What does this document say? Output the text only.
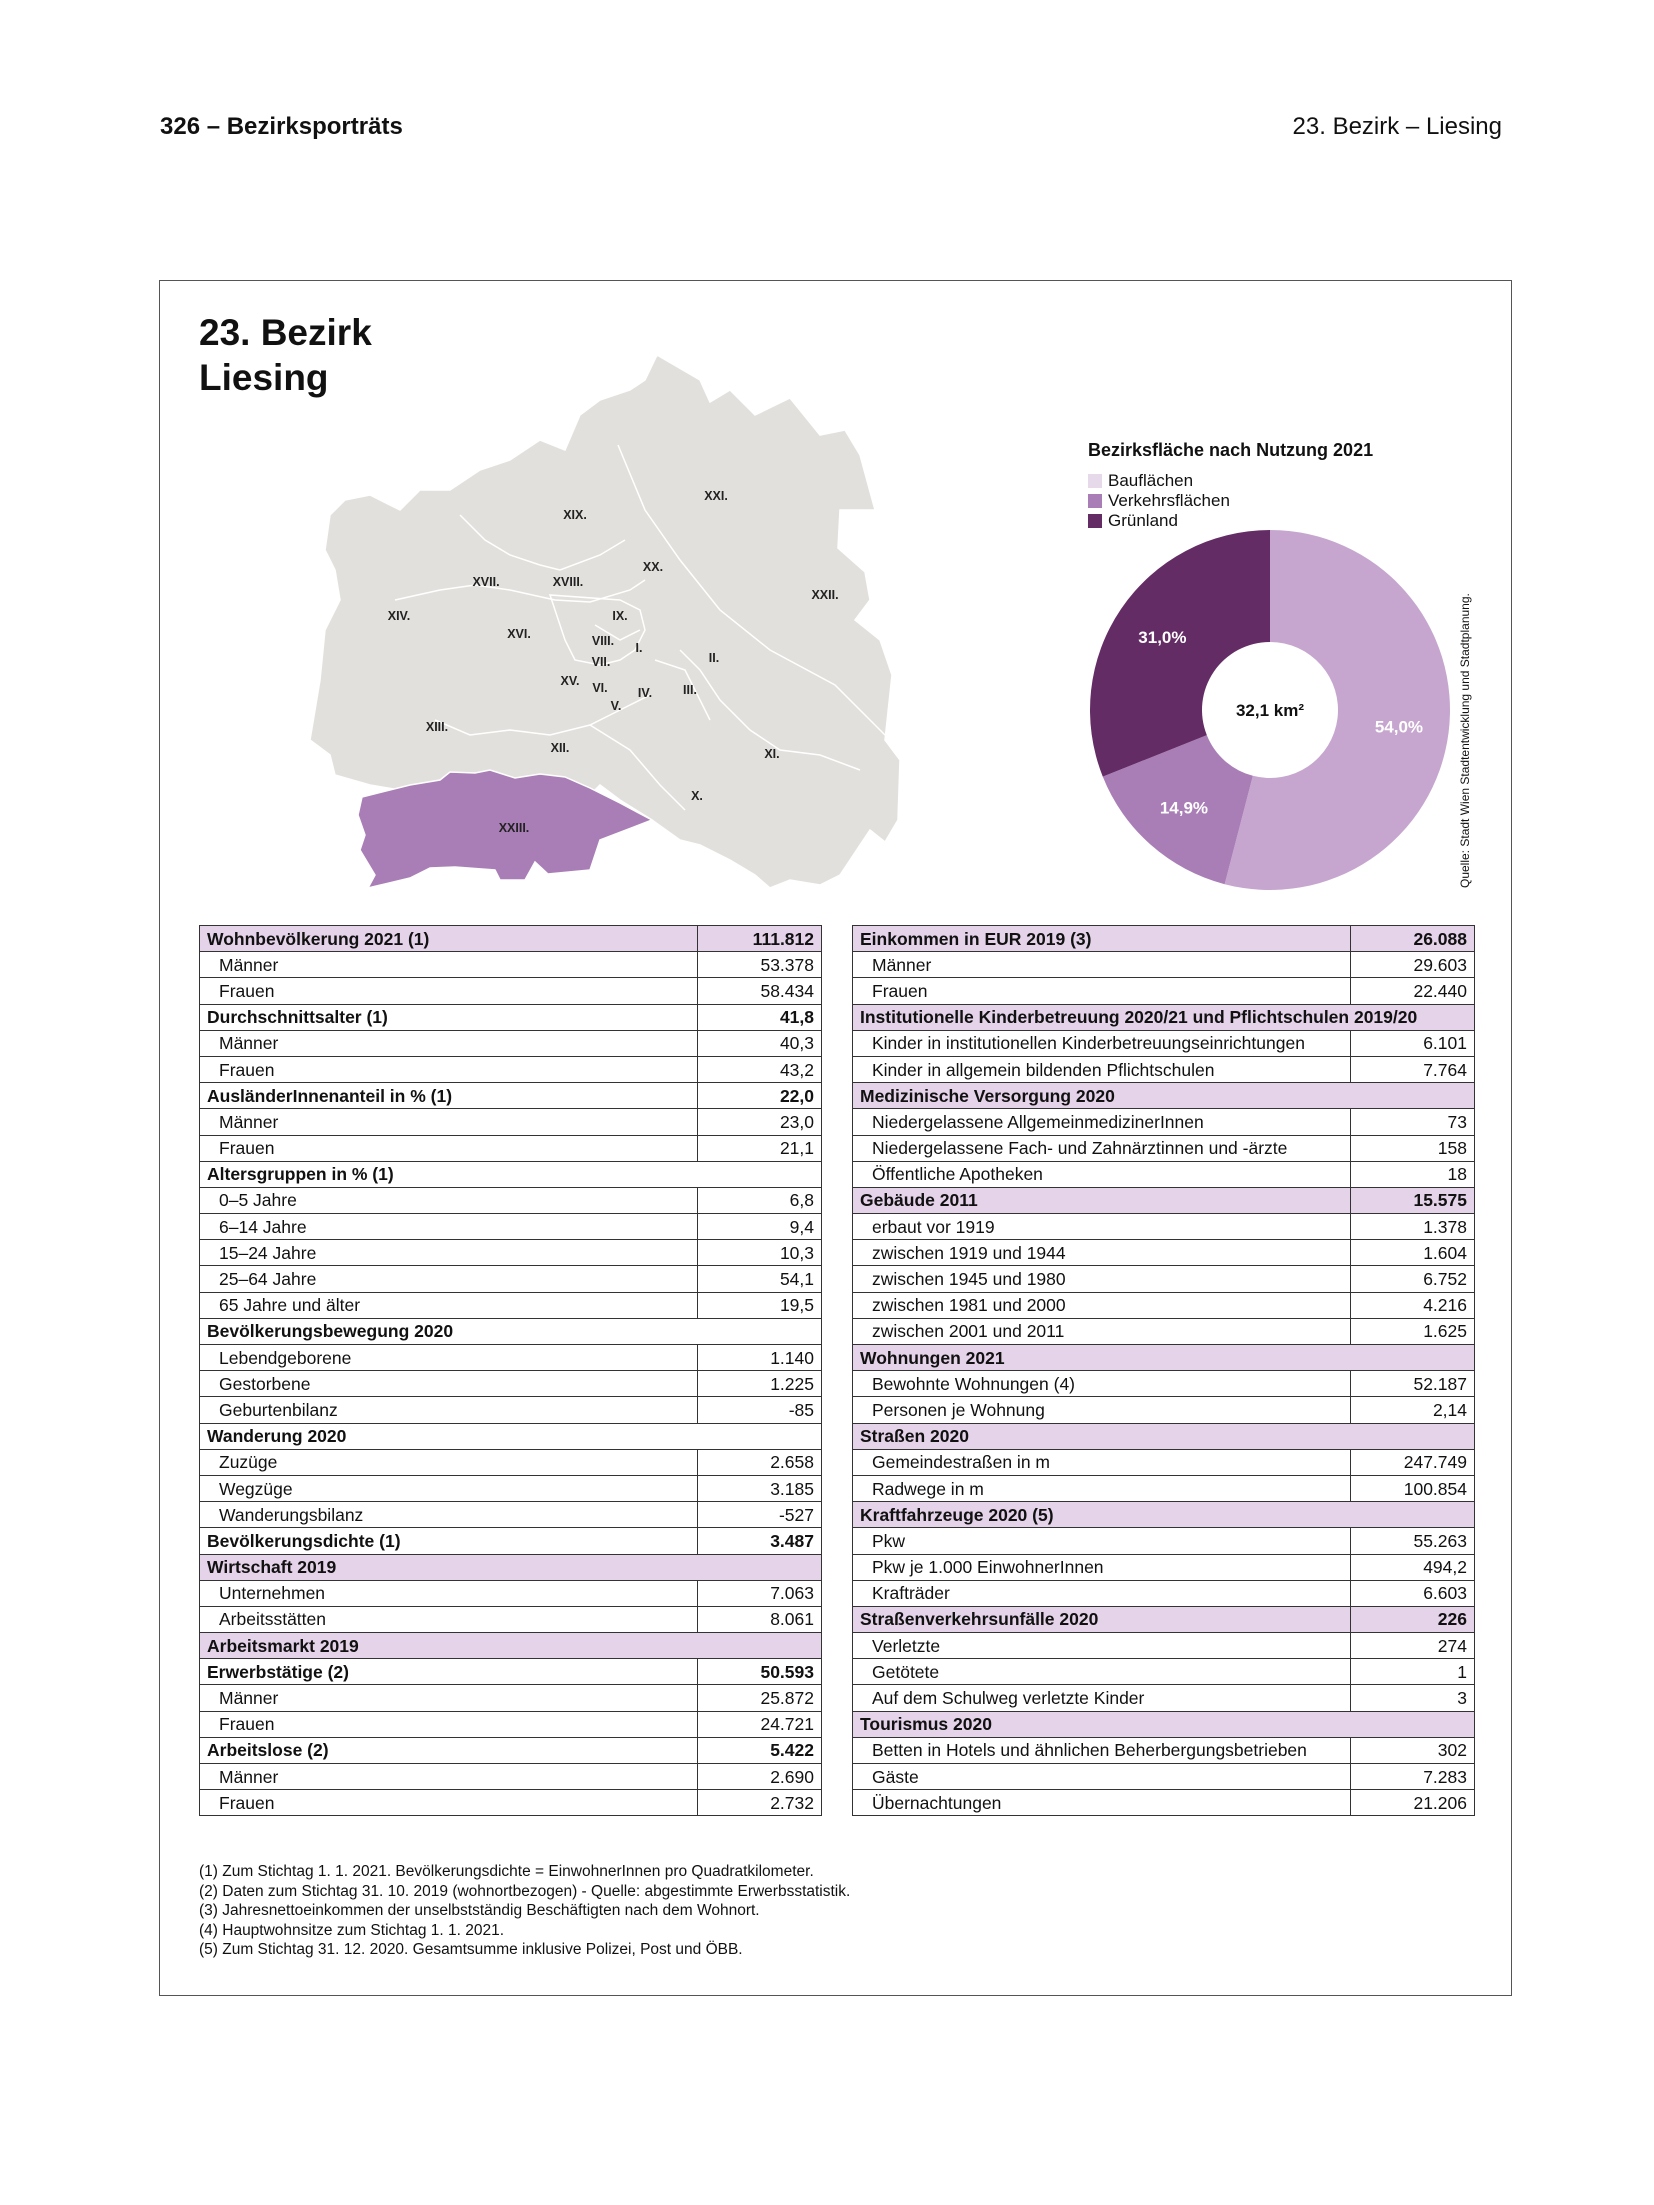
326 – Bezirksporträts	23. Bezirk – Liesing
23. Bezirk
Liesing
XXI.
XIX.
XX.
XXII.
XVII.	XVIII.
XIV.	IX.
XVI.	VIII. I.
II.
VII.
XV. VI. IV. III.
V.
XIII.
XII.	XI.
X.
XXIII.
Bezirksfläche nach Nutzung 2021
Bauflächen
Verkehrsflächen
Grünland
54,0%
14,9%
31,0%
32,1 km²	Quelle: Stadt Wien Stadtentwicklung und Stadtplanung.
Wohnbevölkerung 2021 (1)	111.812
Männer	53.378
Frauen	58.434
Durchschnittsalter (1)	41,8
Männer	40,3
Frauen	43,2
AusländerInnenanteil in % (1)	22,0
Männer	23,0
Frauen	21,1
Altersgruppen in % (1)	
0–5 Jahre	6,8
6–14 Jahre	9,4
15–24 Jahre	10,3
25–64 Jahre	54,1
65 Jahre und älter	19,5
Bevölkerungsbewegung 2020	
Lebendgeborene	1.140
Gestorbene	1.225
Geburtenbilanz	-85
Wanderung 2020	
Zuzüge	2.658
Wegzüge	3.185
Wanderungsbilanz	-527
Bevölkerungsdichte (1)	3.487
Wirtschaft 2019	
Unternehmen	7.063
Arbeitsstätten	8.061
Arbeitsmarkt 2019	
Erwerbstätige (2)	50.593
Männer	25.872
Frauen	24.721
Arbeitslose (2)	5.422
Männer	2.690
Frauen	2.732
Einkommen in EUR 2019 (3)	26.088
Männer	29.603
Frauen	22.440
Institutionelle Kinderbetreuung 2020/21 und Pflichtschulen 2019/20	
Kinder in institutionellen Kinderbetreuungseinrichtungen	6.101
Kinder in allgemein bildenden Pflichtschulen	7.764
Medizinische Versorgung 2020	
Niedergelassene AllgemeinmedizinerInnen	73
Niedergelassene Fach- und Zahnärztinnen und -ärzte	158
Öffentliche Apotheken	18
Gebäude 2011	15.575
erbaut vor 1919	1.378
zwischen 1919 und 1944	1.604
zwischen 1945 und 1980	6.752
zwischen 1981 und 2000	4.216
zwischen 2001 und 2011	1.625
Wohnungen 2021	
Bewohnte Wohnungen (4)	52.187
Personen je Wohnung	2,14
Straßen 2020	
Gemeindestraßen in m	247.749
Radwege in m	100.854
Kraftfahrzeuge 2020 (5)	
Pkw	55.263
Pkw je 1.000 EinwohnerInnen	494,2
Krafträder	6.603
Straßenverkehrsunfälle 2020	226
Verletzte	274
Getötete	1
Auf dem Schulweg verletzte Kinder	3
Tourismus 2020	
Betten in Hotels und ähnlichen Beherbergungsbetrieben	302
Gäste	7.283
Übernachtungen	21.206
(1) Zum Stichtag 1. 1. 2021. Bevölkerungsdichte = EinwohnerInnen pro Quadratkilometer.
(2) Daten zum Stichtag 31. 10. 2019 (wohnortbezogen) - Quelle: abgestimmte Erwerbsstatistik.
(3) Jahresnettoeinkommen der unselbstständig Beschäftigten nach dem Wohnort.
(4) Hauptwohnsitze zum Stichtag 1. 1. 2021.
(5) Zum Stichtag 31. 12. 2020. Gesamtsumme inklusive Polizei, Post und ÖBB.
